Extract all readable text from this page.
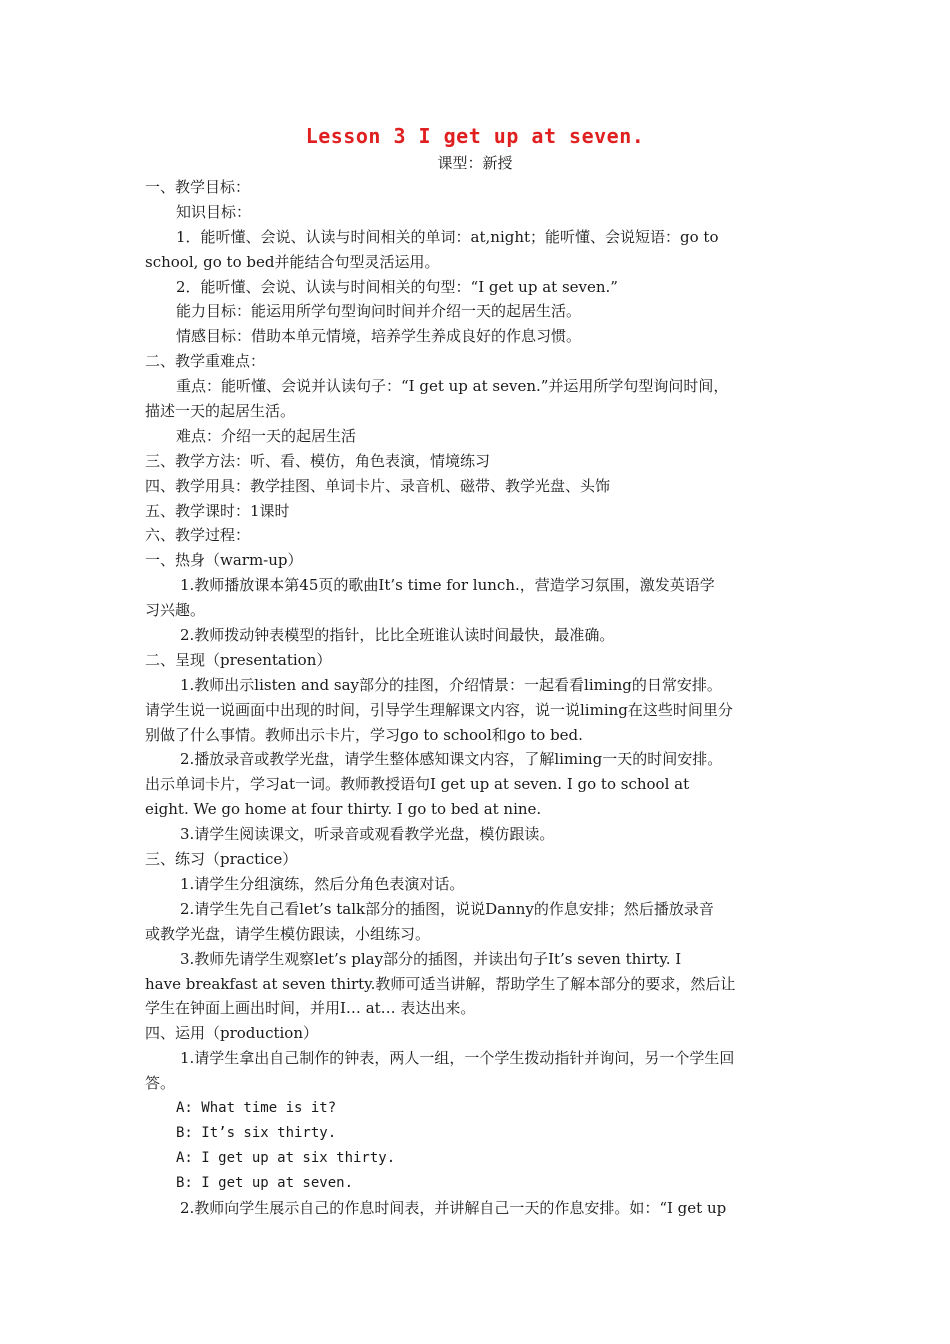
Lesson 3 I get up at seven.
课型：新授
一、教学目标：
知识目标：
1．能听懂、会说、认读与时间相关的单词：at,night；能听懂、会说短语：go to
school, go to bed并能结合句型灵活运用。
2．能听懂、会说、认读与时间相关的句型：“I get up at seven.”
能力目标：能运用所学句型询问时间并介绍一天的起居生活。
情感目标：借助本单元情境，培养学生养成良好的作息习惯。
二、教学重难点：
重点：能听懂、会说并认读句子：“I get up at seven.”并运用所学句型询问时间，
描述一天的起居生活。
难点：介绍一天的起居生活
三、教学方法：听、看、模仿，角色表演，情境练习
四、教学用具：教学挂图、单词卡片、录音机、磁带、教学光盘、头饰
五、教学课时：1课时
六、教学过程：
一、热身（warm-up）
1.教师播放课本第45页的歌曲It’s time for lunch.，营造学习氛围，激发英语学
习兴趣。
2.教师拨动钟表模型的指针，比比全班谁认读时间最快，最准确。
二、呈现（presentation）
1.教师出示listen and say部分的挂图，介绍情景：一起看看liming的日常安排。
请学生说一说画面中出现的时间，引导学生理解课文内容，说一说liming在这些时间里分
别做了什么事情。教师出示卡片，学习go to school和go to bed.
2.播放录音或教学光盘，请学生整体感知课文内容，了解liming一天的时间安排。
出示单词卡片，学习at一词。教师教授语句I get up at seven. I go to school at
eight. We go home at four thirty. I go to bed at nine.
3.请学生阅读课文，听录音或观看教学光盘，模仿跟读。
三、练习（practice）
1.请学生分组演练，然后分角色表演对话。
2.请学生先自己看let’s talk部分的插图，说说Danny的作息安排；然后播放录音
或教学光盘，请学生模仿跟读，小组练习。
3.教师先请学生观察let’s play部分的插图，并读出句子It’s seven thirty. I
have breakfast at seven thirty.教师可适当讲解，帮助学生了解本部分的要求，然后让
学生在钟面上画出时间，并用I… at… 表达出来。
四、运用（production）
1.请学生拿出自己制作的钟表，两人一组，一个学生拨动指针并询问，另一个学生回
答。
A: What time is it?
B: It’s six thirty.
A: I get up at six thirty.
B: I get up at seven.
2.教师向学生展示自己的作息时间表，并讲解自己一天的作息安排。如：“I get up
